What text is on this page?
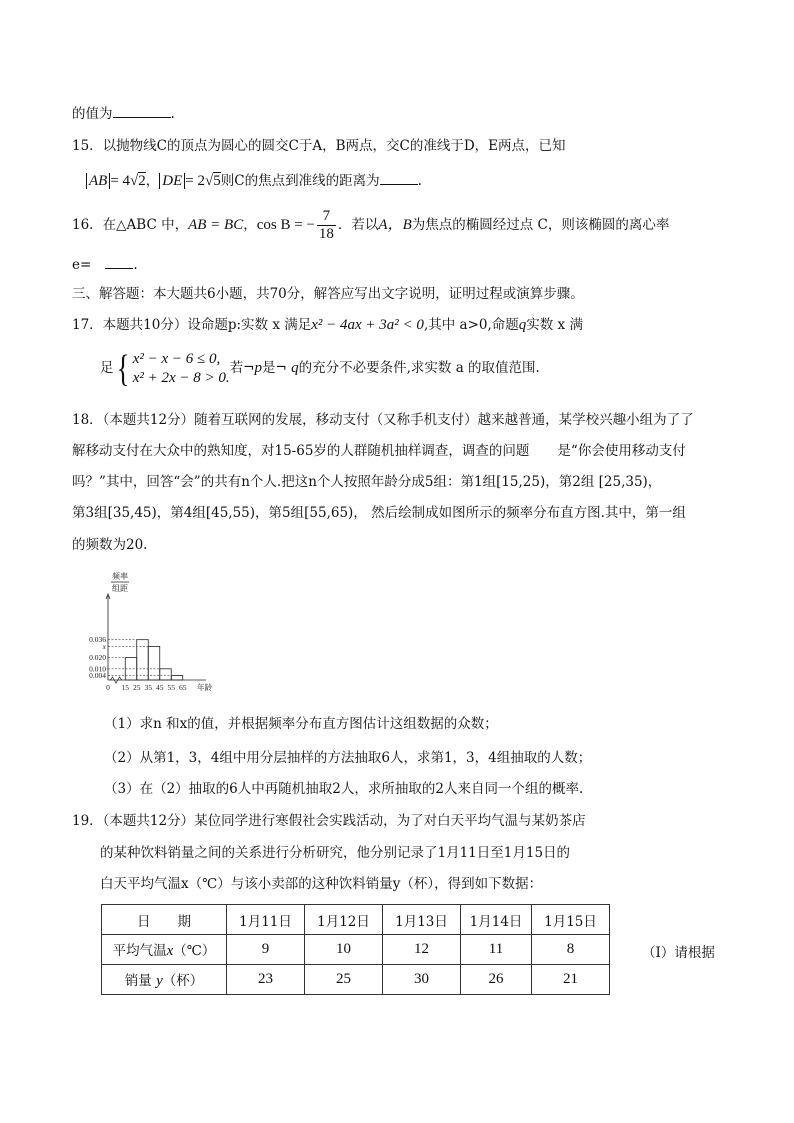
的值为	.
15．以抛物线C的顶点为圆心的圆交C于A，B两点，交C的准线于D，E两点，已知
AB = 4√2， DE = 2√5则C的焦点到准线的距离为	.
16．在△ABC 中，AB = BC，cos B = − $\frac{7}{18}$ ．若以A，B为焦点的椭圆经过点 C，则该椭圆的离心率
e=	.
三、解答题：本大题共6小题，共70分，解答应写出文字说明，证明过程或演算步骤。
17．本题共10分）设命题p:实数 x 满足x² − 4ax + 3a² < 0,其中 a>0,命题q实数 x 满
足 { x² − x − 6 ≤ 0,
x² + 2x − 8 > 0.
若¬p是¬ q的充分不必要条件,求实数 a 的取值范围.
18．（本题共12分）随着互联网的发展，移动支付（又称手机支付）越来越普通，某学校兴趣小组为了了
解移动支付在大众中的熟知度，对15-65岁的人群随机抽样调查，调查的问题 是“你会使用移动支付
吗？”其中，回答“会”的共有n个人.把这n个人按照年龄分成5组：第1组[15,25)，第2组 [25,35)，
第3组[35,45)，第4组[45,55)，第5组[55,65)， 然后绘制成如图所示的频率分布直方图.其中，第一组
的频数为20.
频率
组距
0.036
x
0.020
0.010
0.004
0 15 25 35 45 55 65 年龄
（1）求n 和x的值，并根据频率分布直方图估计这组数据的众数；
（2）从第1，3，4组中用分层抽样的方法抽取6人，求第1，3，4组抽取的人数；
（3）在（2）抽取的6人中再随机抽取2人，求所抽取的2人来自同一个组的概率.
19．（本题共12分）某位同学进行寒假社会实践活动，为了对白天平均气温与某奶茶店
的某种饮料销量之间的关系进行分析研究，他分别记录了1月11日至1月15日的
白天平均气温x（℃）与该小卖部的这种饮料销量y（杯），得到如下数据：
日　　期	1月11日	1月12日	1月13日	1月14日	1月15日
平均气温x（℃）	9	10	12	11	8
销量 y（杯）	23	25	30	26	21
（Ⅰ）请根据
